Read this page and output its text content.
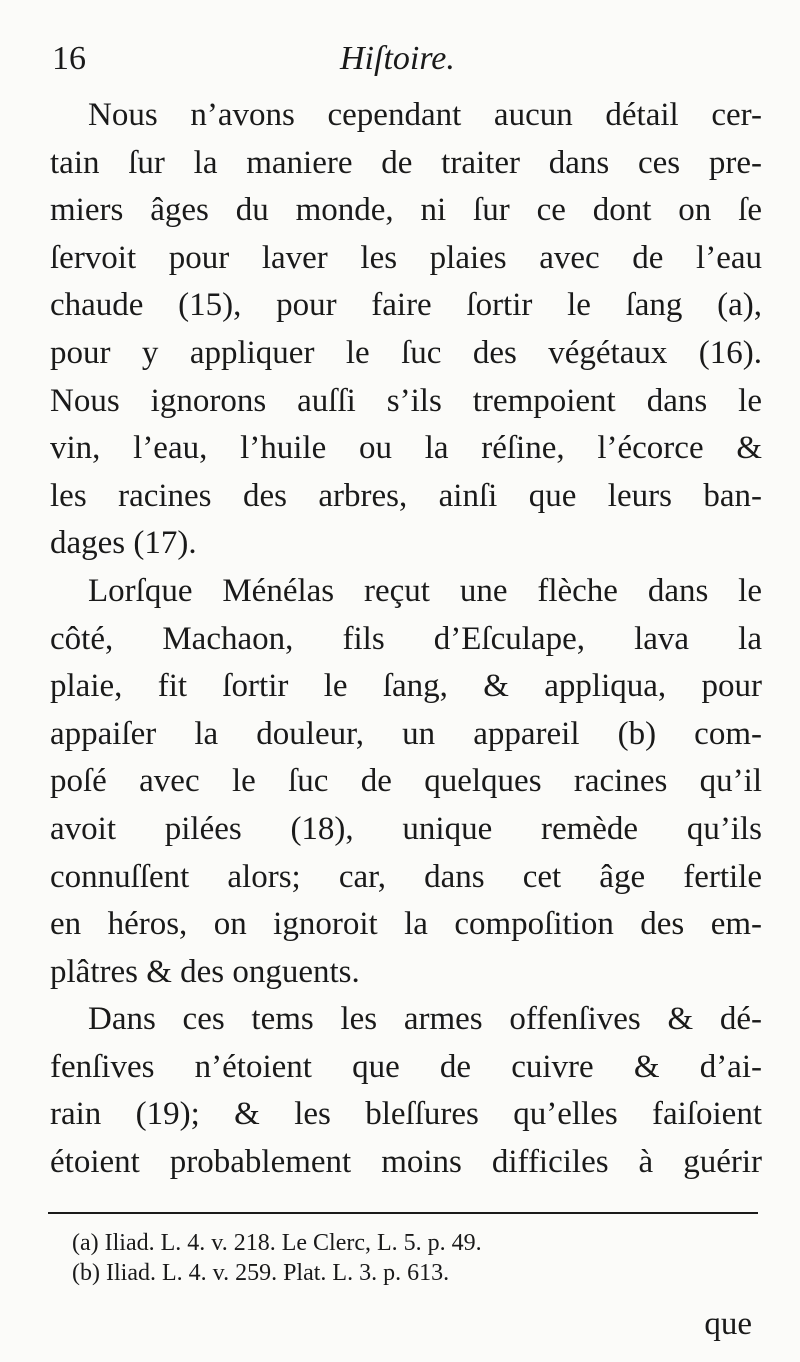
16	Hiſtoire.
Nous n’avons cependant aucun détail cer-
tain ſur la maniere de traiter dans ces pre-
miers âges du monde, ni ſur ce dont on ſe
ſervoit pour laver les plaies avec de l’eau
chaude (15), pour faire ſortir le ſang (a),
pour y appliquer le ſuc des végétaux (16).
Nous ignorons auſſi s’ils trempoient dans le
vin, l’eau, l’huile ou la réſine, l’écorce &
les racines des arbres, ainſi que leurs ban-
dages (17).
Lorſque Ménélas reçut une flèche dans le
côté, Machaon, fils d’Eſculape, lava la
plaie, fit ſortir le ſang, & appliqua, pour
appaiſer la douleur, un appareil (b) com-
poſé avec le ſuc de quelques racines qu’il
avoit pilées (18), unique remède qu’ils
connuſſent alors; car, dans cet âge fertile
en héros, on ignoroit la compoſition des em-
plâtres & des onguents.
Dans ces tems les armes offenſives & dé-
fenſives n’étoient que de cuivre & d’ai-
rain (19); & les bleſſures qu’elles faiſoient
étoient probablement moins difficiles à guérir
(a) Iliad. L. 4. v. 218. Le Clerc, L. 5. p. 49.
(b) Iliad. L. 4. v. 259. Plat. L. 3. p. 613.
que
